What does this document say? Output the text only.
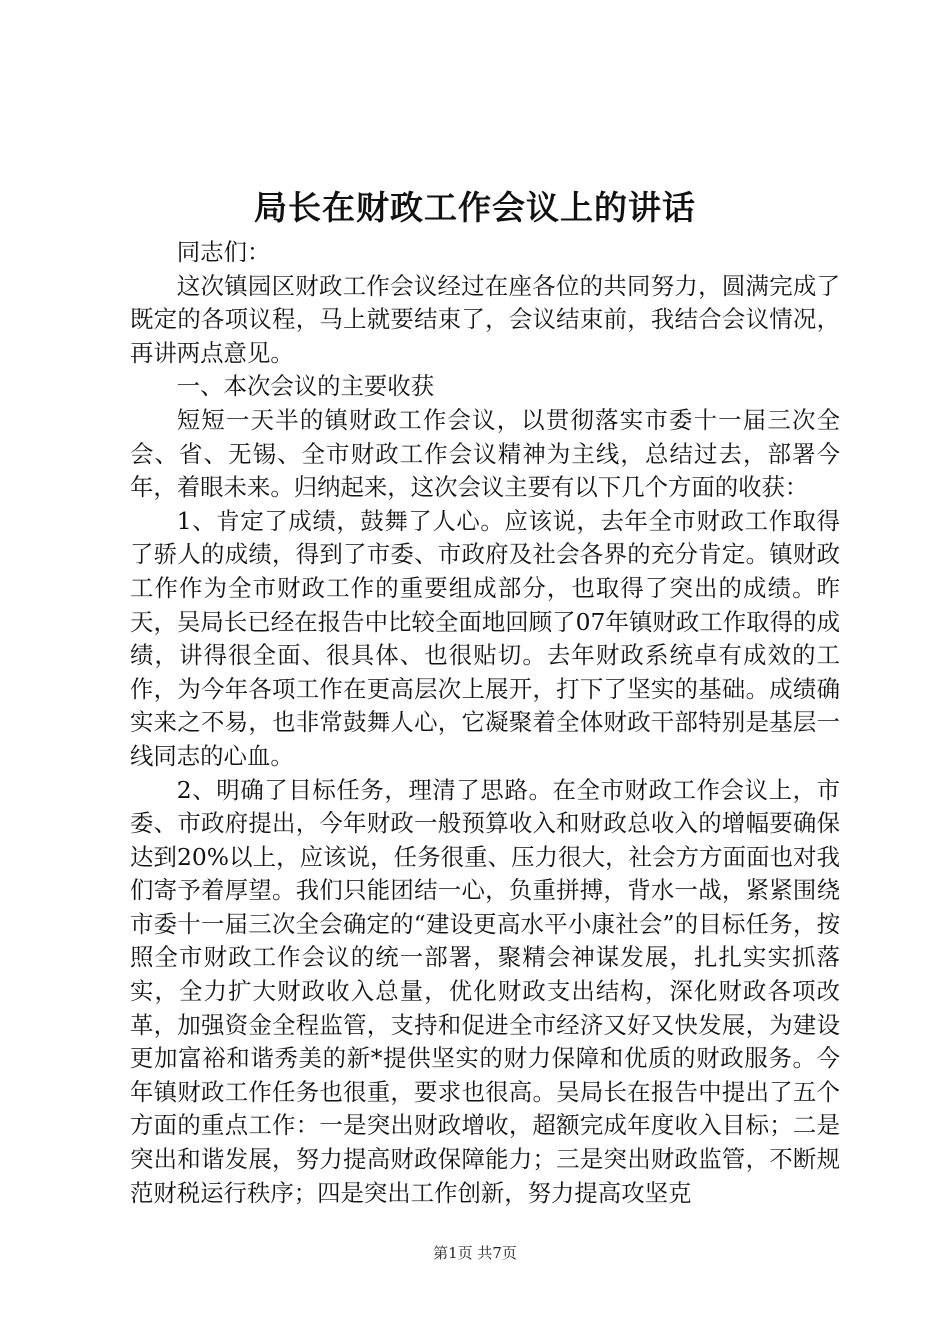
局长在财政工作会议上的讲话

同志们：

这次镇园区财政工作会议经过在座各位的共同努力，圆满完成了既定的各项议程，马上就要结束了，会议结束前，我结合会议情况，再讲两点意见。

一、本次会议的主要收获

短短一天半的镇财政工作会议，以贯彻落实市委十一届三次全会、省、无锡、全市财政工作会议精神为主线，总结过去，部署今年，着眼未来。归纳起来，这次会议主要有以下几个方面的收获：

1、肯定了成绩，鼓舞了人心。应该说，去年全市财政工作取得了骄人的成绩，得到了市委、市政府及社会各界的充分肯定。镇财政工作作为全市财政工作的重要组成部分，也取得了突出的成绩。昨天，吴局长已经在报告中比较全面地回顾了07年镇财政工作取得的成绩，讲得很全面、很具体、也很贴切。去年财政系统卓有成效的工作，为今年各项工作在更高层次上展开，打下了坚实的基础。成绩确实来之不易，也非常鼓舞人心，它凝聚着全体财政干部特别是基层一线同志的心血。

2、明确了目标任务，理清了思路。在全市财政工作会议上，市委、市政府提出，今年财政一般预算收入和财政总收入的增幅要确保达到20%以上，应该说，任务很重、压力很大，社会方方面面也对我们寄予着厚望。我们只能团结一心，负重拼搏，背水一战，紧紧围绕市委十一届三次全会确定的“建设更高水平小康社会”的目标任务，按照全市财政工作会议的统一部署，聚精会神谋发展，扎扎实实抓落实，全力扩大财政收入总量，优化财政支出结构，深化财政各项改革，加强资金全程监管，支持和促进全市经济又好又快发展，为建设更加富裕和谐秀美的新*提供坚实的财力保障和优质的财政服务。今年镇财政工作任务也很重，要求也很高。吴局长在报告中提出了五个方面的重点工作：一是突出财政增收，超额完成年度收入目标；二是突出和谐发展，努力提高财政保障能力；三是突出财政监管，不断规范财税运行秩序；四是突出工作创新，努力提高攻坚克

第1页 共7页
